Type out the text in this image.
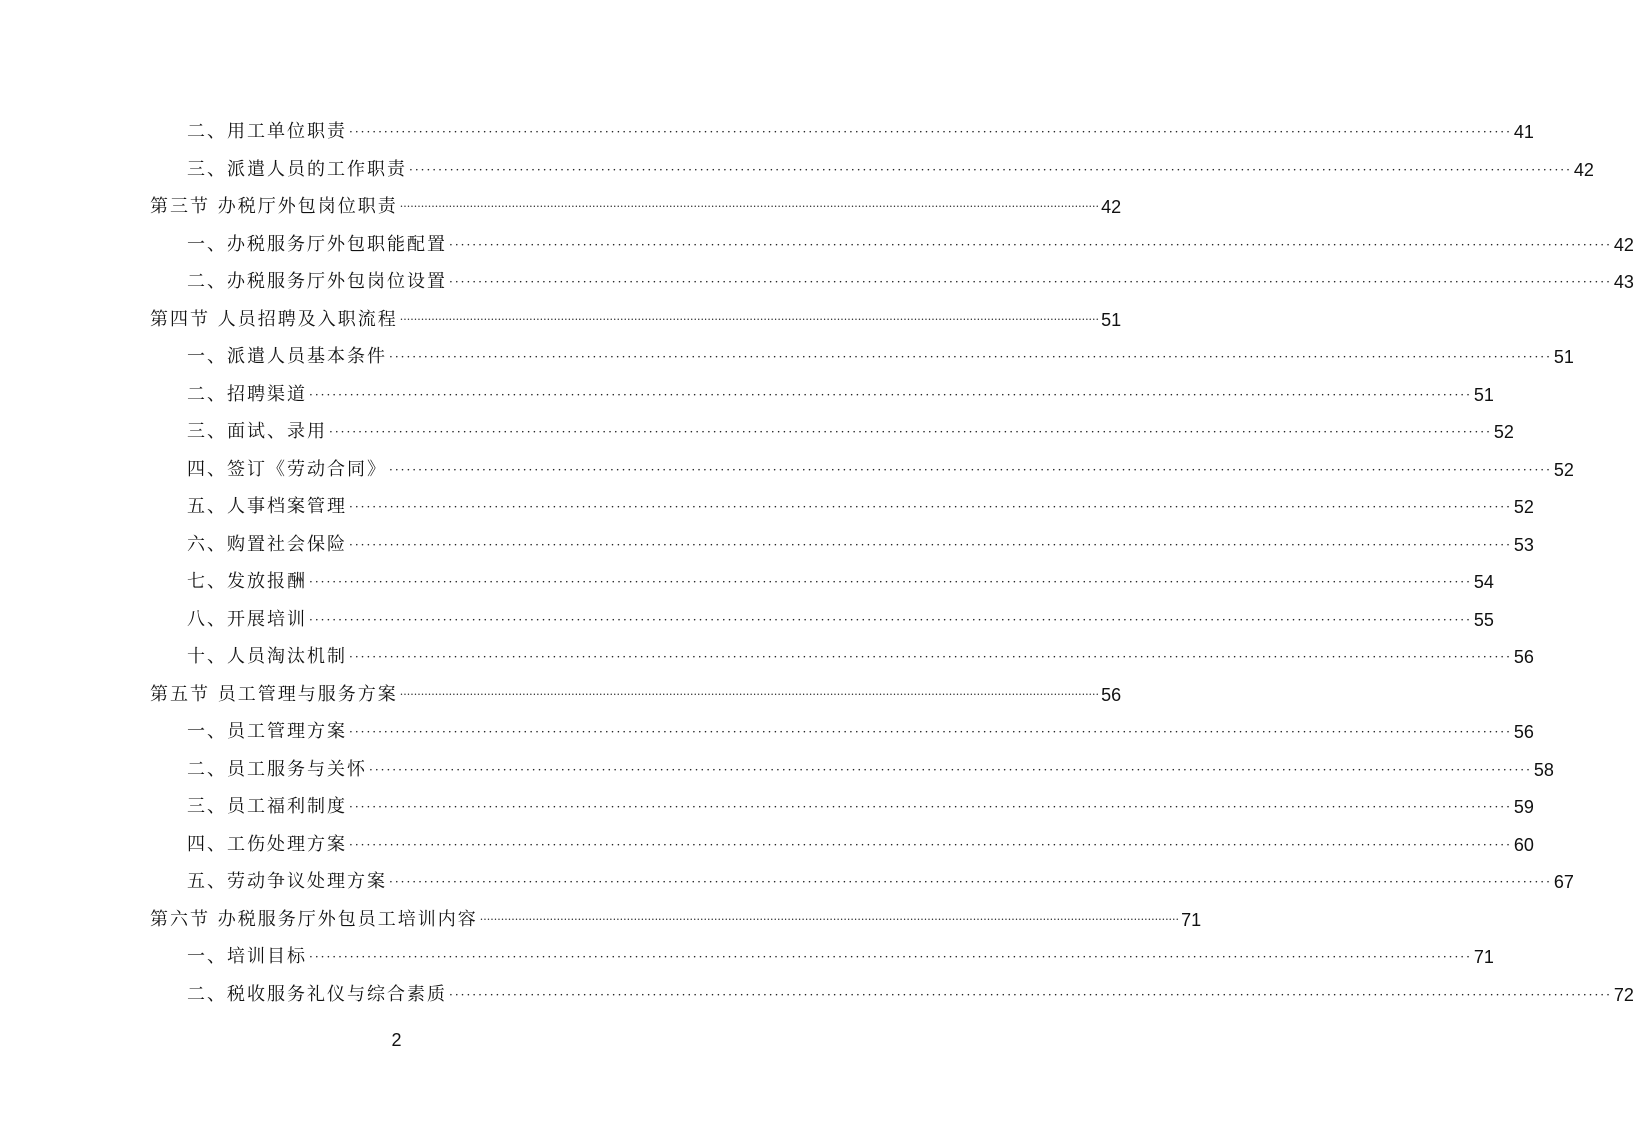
二、用工单位职责 ········································································································································································································ 41
三、派遣人员的工作职责 ········································································································································································································ 42
第三节 办税厅外包岗位职责 ········································································································································································································ 42
一、办税服务厅外包职能配置 ········································································································································································································ 42
二、办税服务厅外包岗位设置 ········································································································································································································ 43
第四节 人员招聘及入职流程 ········································································································································································································ 51
一、派遣人员基本条件 ········································································································································································································ 51
二、招聘渠道 ········································································································································································································ 51
三、面试、录用 ········································································································································································································ 52
四、签订《劳动合同》 ········································································································································································································ 52
五、人事档案管理 ········································································································································································································ 52
六、购置社会保险 ········································································································································································································ 53
七、发放报酬 ········································································································································································································ 54
八、开展培训 ········································································································································································································ 55
十、人员淘汰机制 ········································································································································································································ 56
第五节 员工管理与服务方案 ········································································································································································································ 56
一、员工管理方案 ········································································································································································································ 56
二、员工服务与关怀 ········································································································································································································ 58
三、员工福利制度 ········································································································································································································ 59
四、工伤处理方案 ········································································································································································································ 60
五、劳动争议处理方案 ········································································································································································································ 67
第六节 办税服务厅外包员工培训内容 ········································································································································································································ 71
一、培训目标 ········································································································································································································ 71
二、税收服务礼仪与综合素质 ········································································································································································································ 72
2
